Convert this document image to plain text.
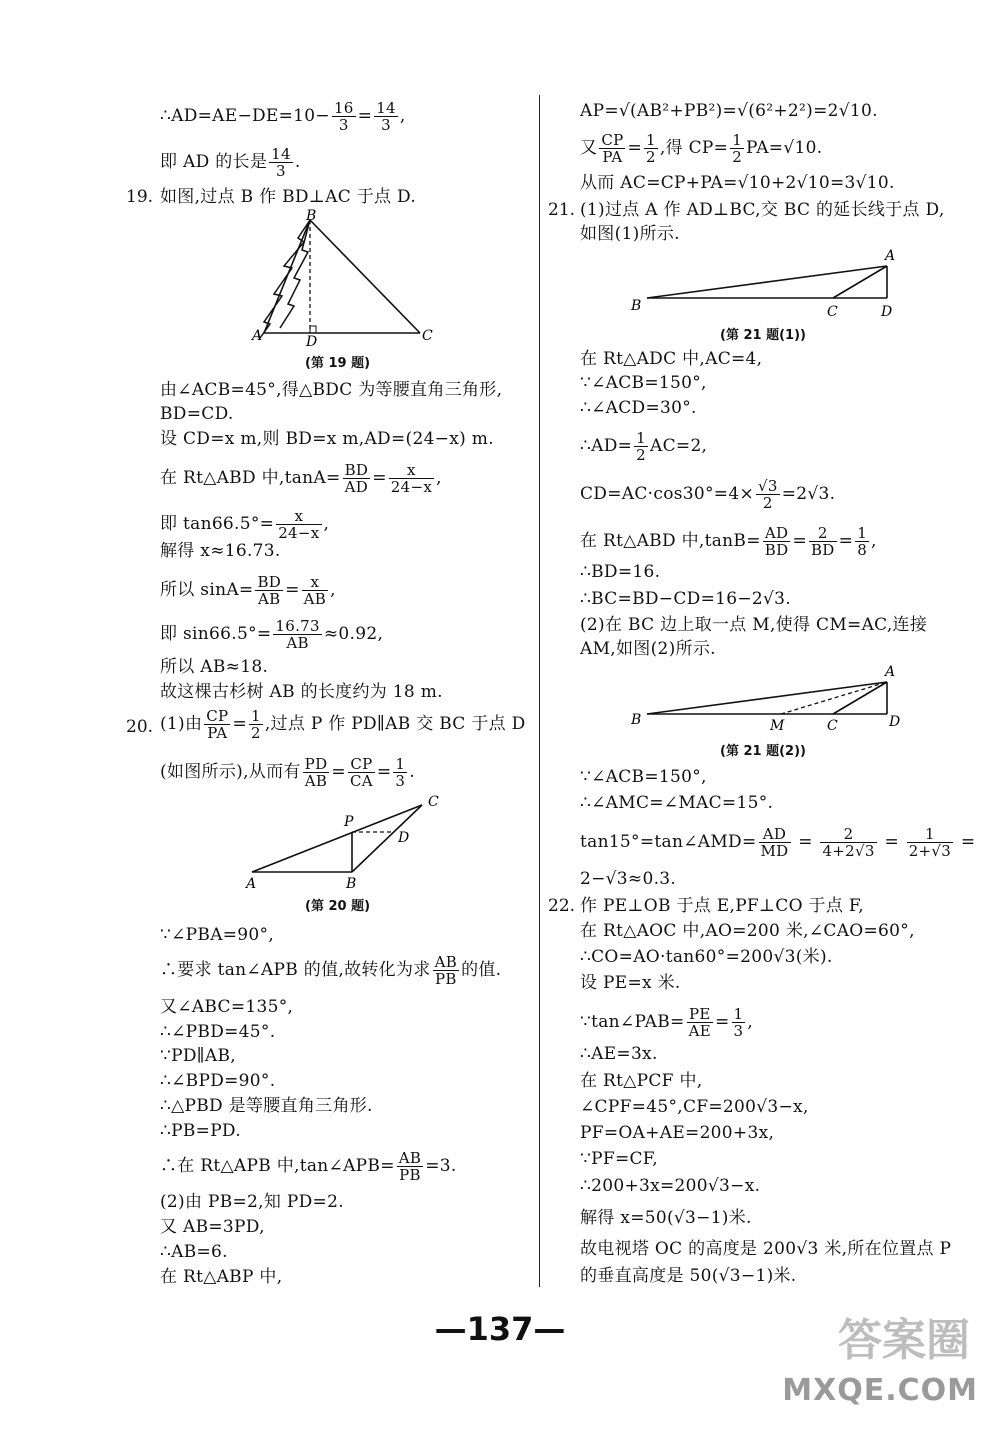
∴AD=AE−DE=10− $\frac{16}{3} = \frac{14}{3}$ ,
即 AD 的长是 $\frac{14}{3}$ .
19. 如图,过点 B 作 BD⊥AC 于点 D.
B
A	D	C
(第 19 题)
由∠ACB=45°,得△BDC 为等腰直角三角形,
BD=CD.
设 CD=x m,则 BD=x m,AD=(24−x) m.
在 Rt△ABD 中$,\tan A= \frac{BD}{AD} = \frac{x}{24-x}$ ,
即 $\tan 66.5^\circ= \frac{x}{24-x}$ ,
解得 x≈16.73.
所以 $\sin A= \frac{BD}{AB} = \frac{x}{AB}$ ,
即 $\sin 66.5^\circ= \frac{16.73}{AB} \approx 0.92$,
所以 AB≈18.
故这棵古杉树 AB 的长度约为 18 m.
20. (1)由 $\frac{CP}{PA} = \frac{1}{2}$ ,过点 P 作 PD∥AB 交 BC 于点 D
(如图所示),从而有 $\frac{PD}{AB} = \frac{CP}{CA} = \frac{1}{3}$ .
P
C
D
A	B
(第 20 题)
∵∠PBA=90°,
∴要求 tan∠APB 的值,故转化为求 $\frac{AB}{PB}$ 的值.
又∠ABC=135°,
∴∠PBD=45°.
∵PD∥AB,
∴∠BPD=90°.
∴△PBD 是等腰直角三角形.
∴PB=PD.
∴在 Rt△APB 中,tan∠APB= $\frac{AB}{PB} =3$.
(2)由 PB=2,知 PD=2.
又 AB=3PD,
∴AB=6.
在 Rt△ABP 中,
AP=√(AB²+PB²)=√(6²+2²)=2√10.
又 $\frac{CP}{PA} = \frac{1}{2}$ ,得 $CP= \frac{1}{2} PA=√10$.
从而 AC=CP+PA=√10+2√10=3√10.
21. (1)过点 A 作 AD⊥BC,交 BC 的延长线于点 D,
如图(1)所示.
A
B	C	D
(第 21 题(1))
在 Rt△ADC 中,AC=4,
∵∠ACB=150°,
∴∠ACD=30°.
∴AD= $\frac{1}{2} AC=2$,
$CD=AC\cdot\cos 30^\circ=4\times \frac{√3}{2} =2√3$.
在 Rt△ABD 中$,\tan B= \frac{AD}{BD} = \frac{2}{BD} = \frac{1}{8}$ ,
∴BD=16.
∴BC=BD−CD=16−2√3.
(2)在 BC 边上取一点 M,使得 CM=AC,连接
AM,如图(2)所示.
A
B	M	C	D
(第 21 题(2))
∵∠ACB=150°,
∴∠AMC=∠MAC=15°.
tan15°=tan∠AMD= $\frac{AD}{MD} = \frac{2}{4+2√3} = \frac{1}{2+√3}$ =
2−√3≈0.3.
22. 作 PE⊥OB 于点 E,PF⊥CO 于点 F,
在 Rt△AOC 中,AO=200 米,∠CAO=60°,
∴CO=AO·tan60°=200√3(米).
设 PE=x 米.
∵tan∠PAB= $\frac{PE}{AE} = \frac{1}{3}$ ,
∴AE=3x.
在 Rt△PCF 中,
∠CPF=45°,CF=200√3−x,
PF=OA+AE=200+3x,
∵PF=CF,
∴200+3x=200√3−x.
解得 x=50(√3−1)米.
故电视塔 OC 的高度是 200√3 米,所在位置点 P
的垂直高度是 50(√3−1)米.
—137—	答案圈
MXQE.COM
